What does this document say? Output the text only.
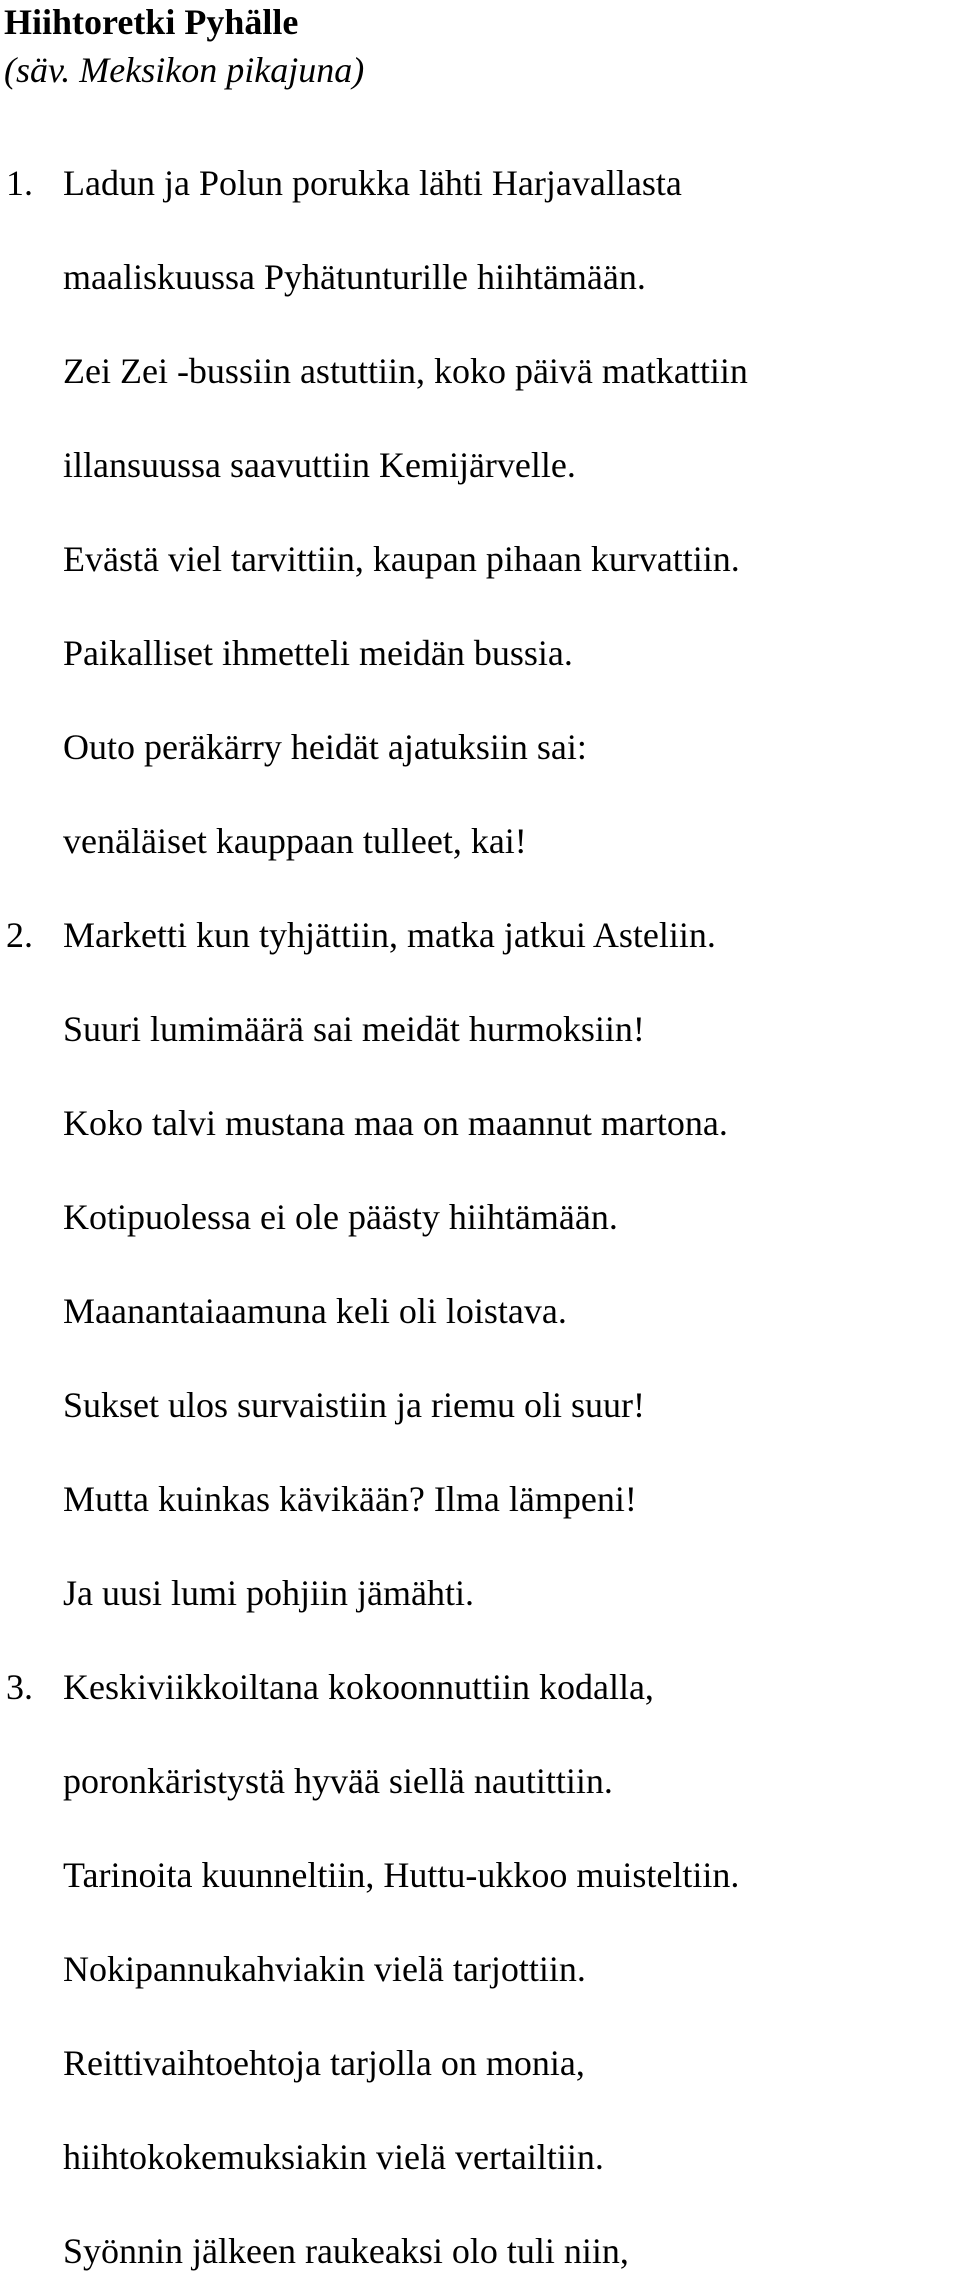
Hiihtoretki Pyhälle
(säv. Meksikon pikajuna)
1. Ladun ja Polun porukka lähti Harjavallasta
maaliskuussa Pyhätunturille hiihtämään.
Zei Zei -bussiin astuttiin, koko päivä matkattiin
illansuussa saavuttiin Kemijärvelle.
Evästä viel tarvittiin, kaupan pihaan kurvattiin.
Paikalliset ihmetteli meidän bussia.
Outo peräkärry heidät ajatuksiin sai:
venäläiset kauppaan tulleet, kai!
2. Marketti kun tyhjättiin, matka jatkui Asteliin.
Suuri lumimäärä sai meidät hurmoksiin!
Koko talvi mustana maa on maannut martona.
Kotipuolessa ei ole päästy hiihtämään.
Maanantaiaamuna keli oli loistava.
Sukset ulos survaistiin ja riemu oli suur!
Mutta kuinkas kävikään? Ilma lämpeni!
Ja uusi lumi pohjiin jämähti.
3. Keskiviikkoiltana kokoonnuttiin kodalla,
poronkäristystä hyvää siellä nautittiin.
Tarinoita kuunneltiin, Huttu-ukkoo muisteltiin.
Nokipannukahviakin vielä tarjottiin.
Reittivaihtoehtoja tarjolla on monia,
hiihtokokemuksiakin vielä vertailtiin.
Syönnin jälkeen raukeaksi olo tuli niin,
